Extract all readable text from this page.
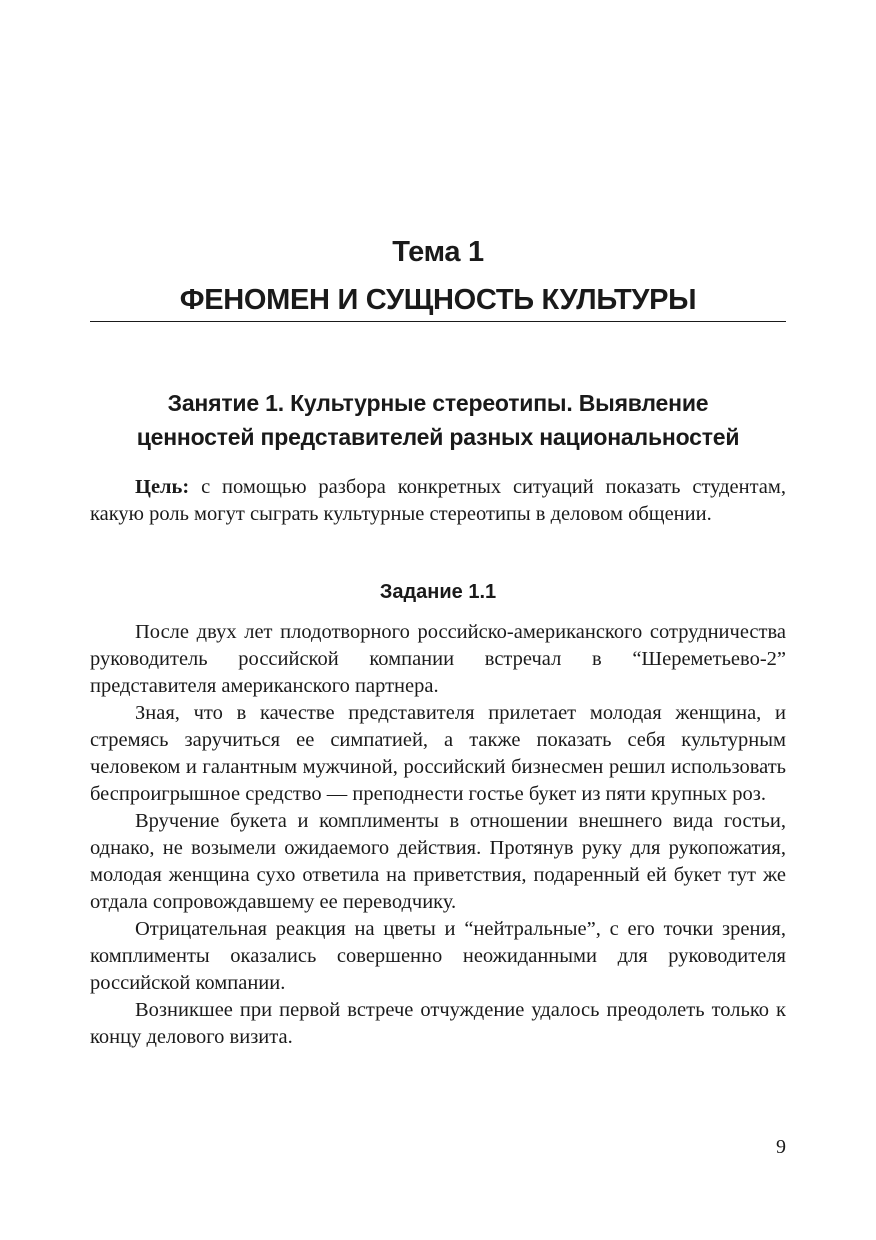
Тема 1
ФЕНОМЕН И СУЩНОСТЬ КУЛЬТУРЫ
Занятие 1. Культурные стереотипы. Выявление
ценностей представителей разных национальностей

Цель: с помощью разбора конкретных ситуаций показать студентам, какую роль могут сыграть культурные стереотипы в деловом общении.

Задание 1.1

После двух лет плодотворного российско-американского сотрудничества руководитель российской компании встречал в “Шереметьево-2” представителя американского партнера.

Зная, что в качестве представителя прилетает молодая женщина, и стремясь заручиться ее симпатией, а также показать себя культурным человеком и галантным мужчиной, российский бизнесмен решил использовать беспроигрышное средство — преподнести гостье букет из пяти крупных роз.

Вручение букета и комплименты в отношении внешнего вида гостьи, однако, не возымели ожидаемого действия. Протянув руку для рукопожатия, молодая женщина сухо ответила на приветствия, подаренный ей букет тут же отдала сопровождавшему ее переводчику.

Отрицательная реакция на цветы и “нейтральные”, с его точки зрения, комплименты оказались совершенно неожиданными для руководителя российской компании.

Возникшее при первой встрече отчуждение удалось преодолеть только к концу делового визита.

9
